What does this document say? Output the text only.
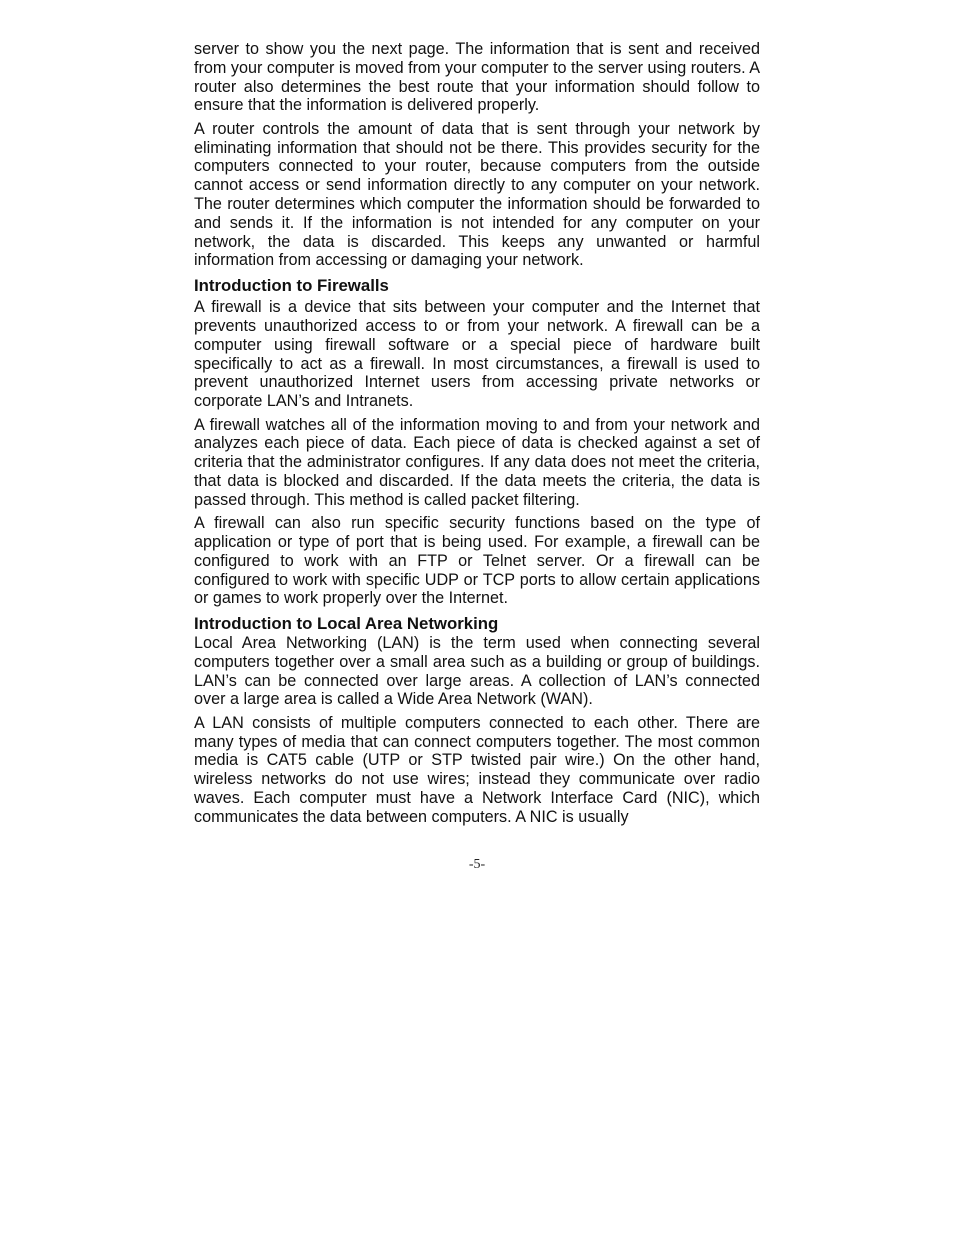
server to show you the next page. The information that is sent and received from your computer is moved from your computer to the server using routers. A router also determines the best route that your information should follow to ensure that the information is delivered properly.

A router controls the amount of data that is sent through your network by eliminating information that should not be there. This provides security for the computers connected to your router, because computers from the outside cannot access or send information directly to any computer on your network. The router determines which computer the information should be forwarded to and sends it. If the information is not intended for any computer on your network, the data is discarded. This keeps any unwanted or harmful information from accessing or damaging your network.

Introduction to Firewalls

A firewall is a device that sits between your computer and the Internet that prevents unauthorized access to or from your network. A firewall can be a computer using firewall software or a special piece of hardware built specifically to act as a firewall. In most circumstances, a firewall is used to prevent unauthorized Internet users from accessing private networks or corporate LAN’s and Intranets.

A firewall watches all of the information moving to and from your network and analyzes each piece of data. Each piece of data is checked against a set of criteria that the administrator configures. If any data does not meet the criteria, that data is blocked and discarded. If the data meets the criteria, the data is passed through. This method is called packet filtering.

A firewall can also run specific security functions based on the type of application or type of port that is being used. For example, a firewall can be configured to work with an FTP or Telnet server. Or a firewall can be configured to work with specific UDP or TCP ports to allow certain applications or games to work properly over the Internet.

Introduction to Local Area Networking

Local Area Networking (LAN) is the term used when connecting several computers together over a small area such as a building or group of buildings. LAN’s can be connected over large areas. A collection of LAN’s connected over a large area is called a Wide Area Network (WAN).

A LAN consists of multiple computers connected to each other. There are many types of media that can connect computers together. The most common media is CAT5 cable (UTP or STP twisted pair wire.) On the other hand, wireless networks do not use wires; instead they communicate over radio waves. Each computer must have a Network Interface Card (NIC), which communicates the data between computers. A NIC is usually

-5-
